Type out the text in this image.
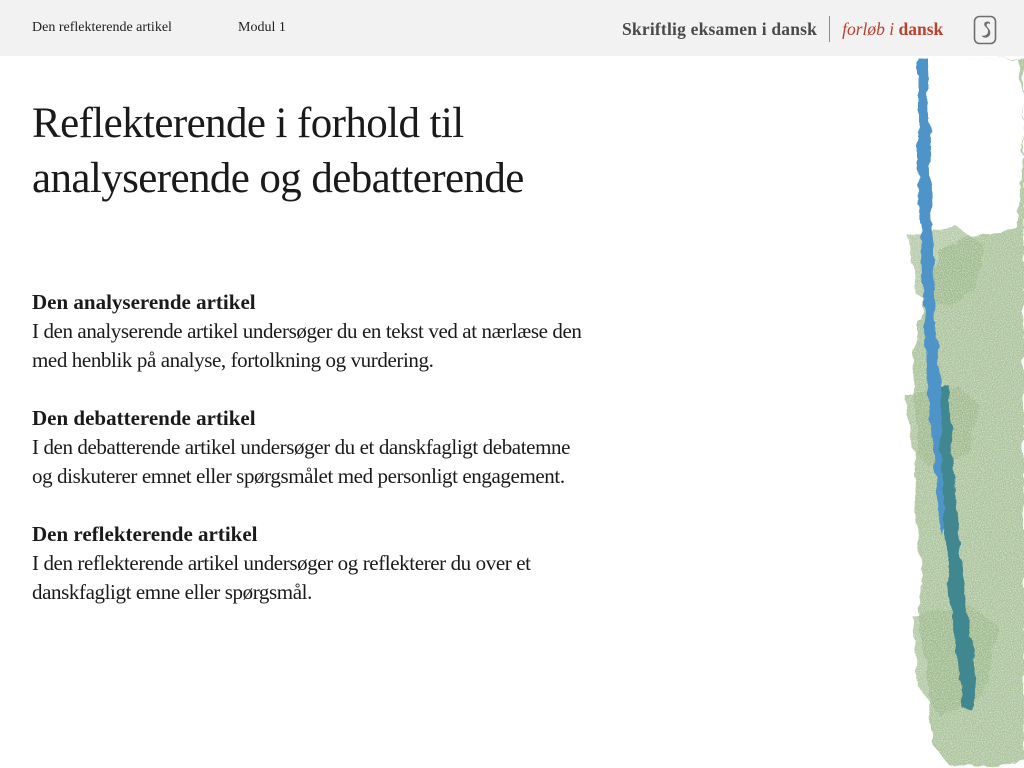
Den reflekterende artikel	Modul 1	Skriftlig eksamen i dansk forløb i dansk
Reflekterende i forhold til
analyserende og debatterende
Den analyserende artikel

I den analyserende artikel undersøger du en tekst ved at nærlæse den med henblik på analyse, fortolkning og vurdering.

Den debatterende artikel

I den debatterende artikel undersøger du et danskfagligt debatemne og diskuterer emnet eller spørgsmålet med personligt engagement.

Den reflekterende artikel

I den reflekterende artikel undersøger og reflekterer du over et danskfagligt emne eller spørgsmål.
